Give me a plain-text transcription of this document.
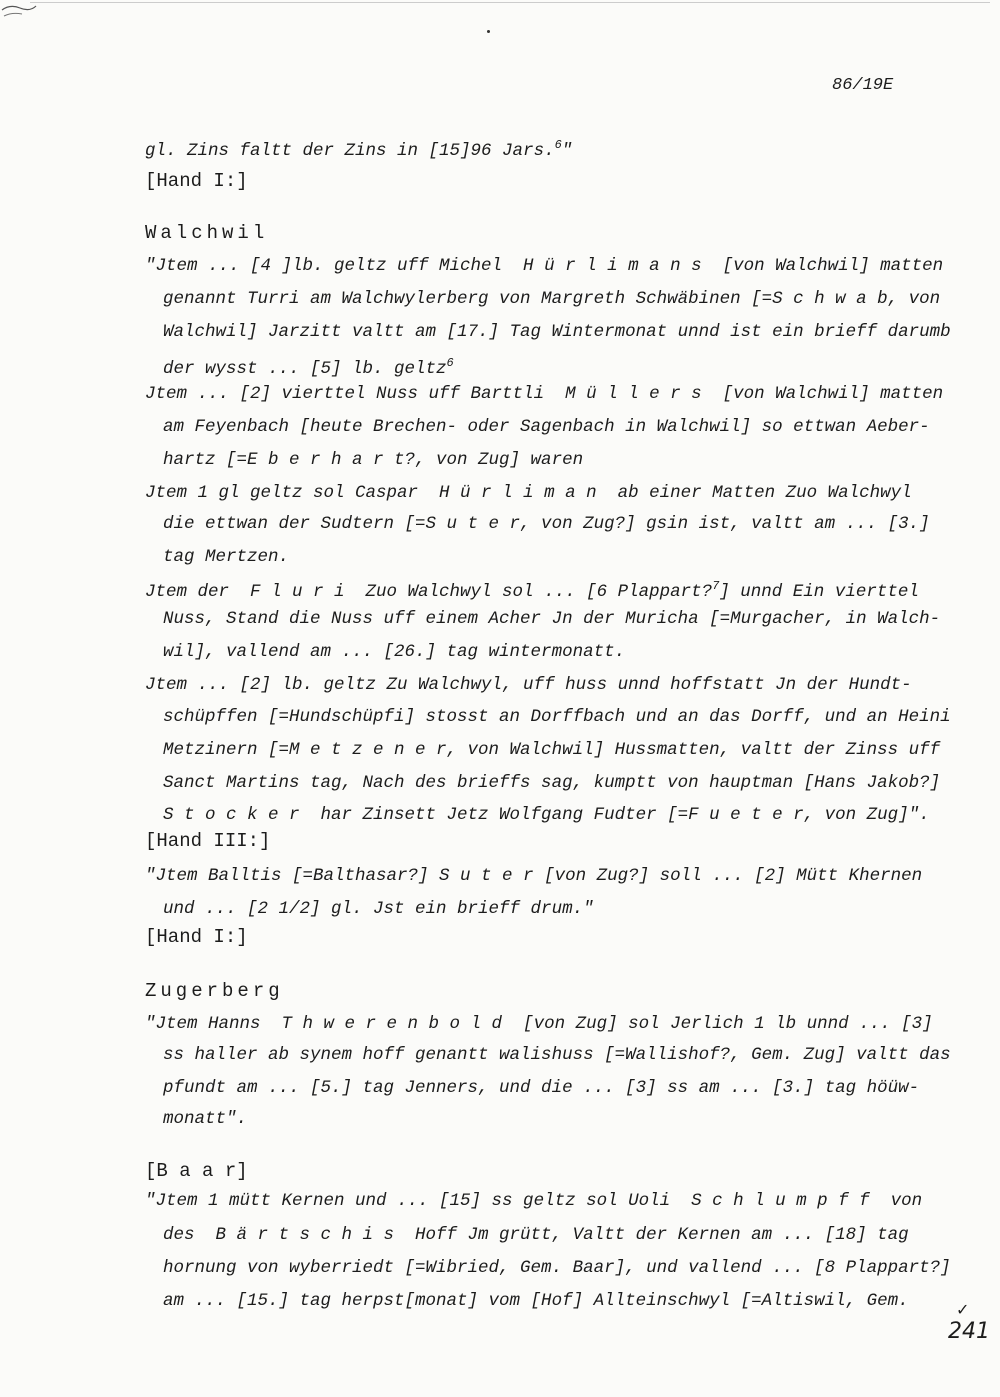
86/19E
gl. Zins faltt der Zins in [15]96 Jars.$^6$"
[Hand I:]
Walchwil
"Jtem ... [4 ]lb. geltz uff Michel  H ü r l i m a n s  [von Walchwil] matten
genannt Turri am Walchwylerberg von Margreth Schwäbinen [=S c h w a b, von
Walchwil] Jarzitt valtt am [17.] Tag Wintermonat unnd ist ein brieff darumb
der wysst ... [5] lb. geltz$^6$
Jtem ... [2] vierttel Nuss uff Barttli  M ü l l e r s  [von Walchwil] matten
am Feyenbach [heute Brechen- oder Sagenbach in Walchwil] so ettwan Aeber-
hartz [=E b e r h a r t?, von Zug] waren
Jtem 1 gl geltz sol Caspar  H ü r l i m a n  ab einer Matten Zuo Walchwyl
die ettwan der Sudtern [=S u t e r, von Zug?] gsin ist, valtt am ... [3.]
tag Mertzen.
Jtem der  F l u r i  Zuo Walchwyl sol ... [6 Plappart?$^7$] unnd Ein vierttel
Nuss, Stand die Nuss uff einem Acher Jn der Muricha [=Murgacher, in Walch-
wil], vallend am ... [26.] tag wintermonatt.
Jtem ... [2] lb. geltz Zu Walchwyl, uff huss unnd hoffstatt Jn der Hundt-
schüpffen [=Hundschüpfi] stosst an Dorffbach und an das Dorff, und an Heini
Metzinern [=M e t z e n e r, von Walchwil] Hussmatten, valtt der Zinss uff
Sanct Martins tag, Nach des brieffs sag, kumptt von hauptman [Hans Jakob?]
S t o c k e r  har Zinsett Jetz Wolfgang Fudter [=F u e t e r, von Zug]".
[Hand III:]
"Jtem Balltis [=Balthasar?] S u t e r [von Zug?] soll ... [2] Mütt Khernen
und ... [2 1/2] gl. Jst ein brieff drum."
[Hand I:]
Zugerberg
"Jtem Hanns  T h w e r e n b o l d  [von Zug] sol Jerlich 1 lb unnd ... [3]
ss haller ab synem hoff genantt walishuss [=Wallishof?, Gem. Zug] valtt das
pfundt am ... [5.] tag Jenners, und die ... [3] ss am ... [3.] tag höüw-
monatt".
[B a a r]
"Jtem 1 mütt Kernen und ... [15] ss geltz sol Uoli  S c h l u m p f f  von
des  B ä r t s c h i s  Hoff Jm grütt, Valtt der Kernen am ... [18] tag
hornung von wyberriedt [=Wibried, Gem. Baar], und vallend ... [8 Plappart?]
am ... [15.] tag herpst[monat] vom [Hof] Allteinschwyl [=Altiswil, Gem.	✓
241
